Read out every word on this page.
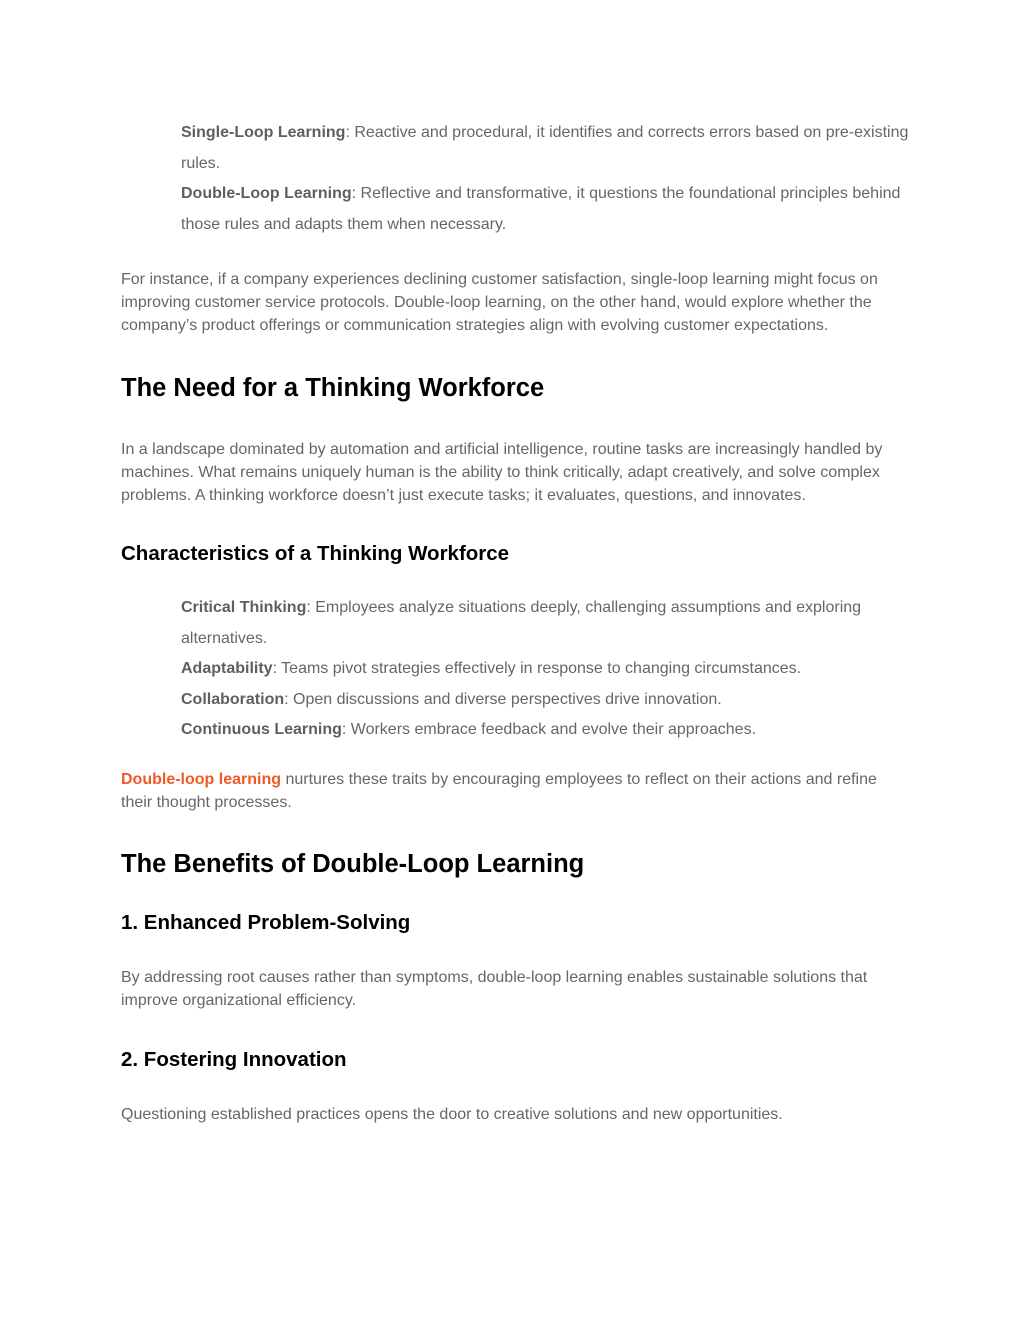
Single-Loop Learning: Reactive and procedural, it identifies and corrects errors based on pre-existing rules.
Double-Loop Learning: Reflective and transformative, it questions the foundational principles behind those rules and adapts them when necessary.

For instance, if a company experiences declining customer satisfaction, single-loop learning might focus on improving customer service protocols. Double-loop learning, on the other hand, would explore whether the company’s product offerings or communication strategies align with evolving customer expectations.

The Need for a Thinking Workforce

In a landscape dominated by automation and artificial intelligence, routine tasks are increasingly handled by machines. What remains uniquely human is the ability to think critically, adapt creatively, and solve complex problems. A thinking workforce doesn’t just execute tasks; it evaluates, questions, and innovates.

Characteristics of a Thinking Workforce
Critical Thinking: Employees analyze situations deeply, challenging assumptions and exploring alternatives.
Adaptability: Teams pivot strategies effectively in response to changing circumstances.
Collaboration: Open discussions and diverse perspectives drive innovation.
Continuous Learning: Workers embrace feedback and evolve their approaches.

Double-loop learning nurtures these traits by encouraging employees to reflect on their actions and refine their thought processes.

The Benefits of Double-Loop Learning
1. Enhanced Problem-Solving

By addressing root causes rather than symptoms, double-loop learning enables sustainable solutions that improve organizational efficiency.

2. Fostering Innovation

Questioning established practices opens the door to creative solutions and new opportunities.
